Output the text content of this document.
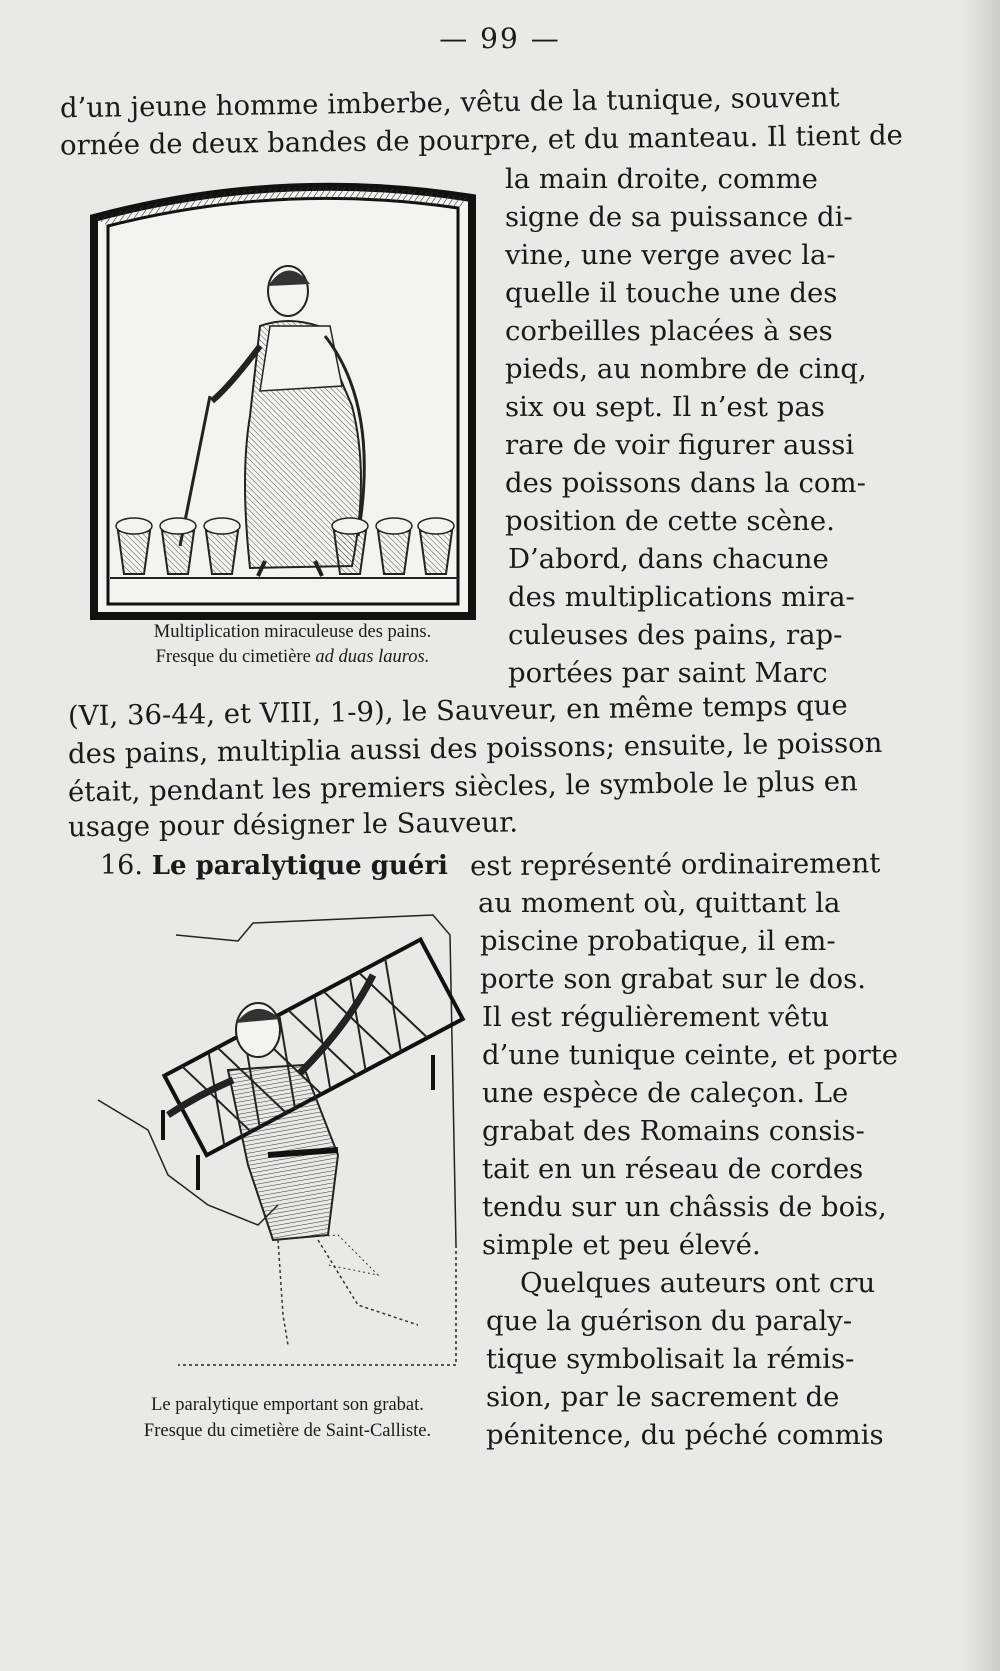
— 99 —
d’un jeune homme imberbe, vêtu de la tunique, souvent
ornée de deux bandes de pourpre, et du manteau. Il tient de
la main droite, comme
signe de sa puissance di-
vine, une verge avec la-
quelle il touche une des
corbeilles placées à ses
pieds, au nombre de cinq,
six ou sept. Il n’est pas
rare de voir figurer aussi
des poissons dans la com-
position de cette scène.
D’abord, dans chacune
des multiplications mira-
culeuses des pains, rap-
portées par saint Marc
(VI, 36-44, et VIII, 1-9), le Sauveur, en même temps que
des pains, multiplia aussi des poissons; ensuite, le poisson
était, pendant les premiers siècles, le symbole le plus en
usage pour désigner le Sauveur.
Multiplication miraculeuse des pains.
Fresque du cimetière ad duas lauros.
16. Le paralytique guéri est représenté ordinairement
au moment où, quittant la
piscine probatique, il em-
porte son grabat sur le dos.
Il est régulièrement vêtu
d’une tunique ceinte, et porte
une espèce de caleçon. Le
grabat des Romains consis-
tait en un réseau de cordes
tendu sur un châssis de bois,
simple et peu élevé.
Quelques auteurs ont cru
que la guérison du paraly-
tique symbolisait la rémis-
sion, par le sacrement de
pénitence, du péché commis
Le paralytique emportant son grabat.
Fresque du cimetière de Saint-Calliste.
